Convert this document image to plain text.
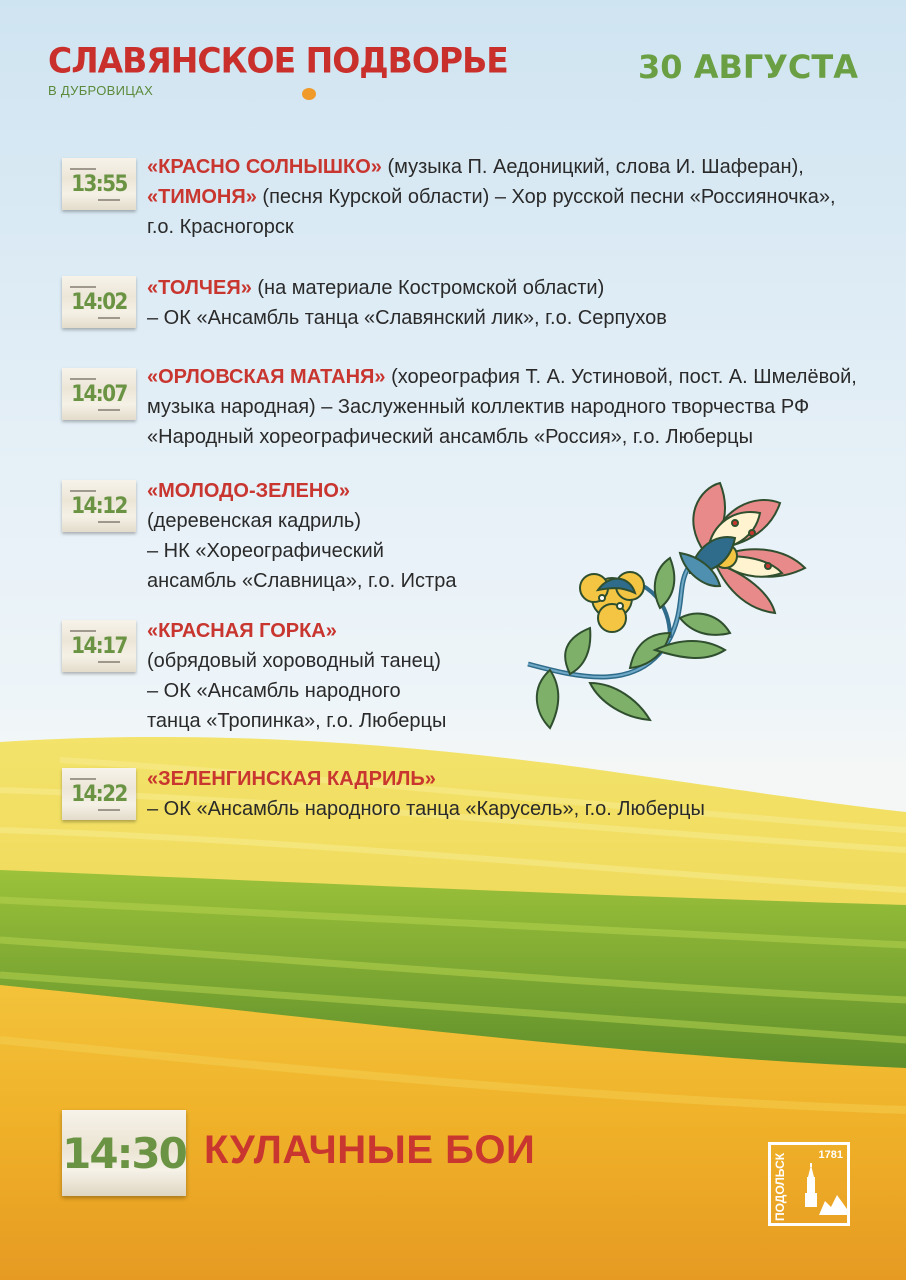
СЛАВЯНСКОЕ ПОДВОРЬЕ
В ДУБРОВИЦАХ
30 АВГУСТА
13:55

«КРАСНО СОЛНЫШКО» (музыка П. Аедоницкий, слова И. Шаферан),

«ТИМОНЯ» (песня Курской области) – Хор русской песни «Россияночка»,

г.о. Красногорск

14:02

«ТОЛЧЕЯ» (на материале Костромской области)

– ОК «Ансамбль танца «Славянский лик», г.о. Серпухов

14:07

«ОРЛОВСКАЯ МАТАНЯ» (хореография Т. А. Устиновой, пост. А. Шмелёвой,

музыка народная) – Заслуженный коллектив народного творчества РФ

«Народный хореографический ансамбль «Россия», г.о. Люберцы

14:12

«МОЛОДО-ЗЕЛЕНО»

(деревенская кадриль)

– НК «Хореографический

ансамбль «Славница», г.о. Истра

14:17

«КРАСНАЯ ГОРКА»

(обрядовый хороводный танец)

– ОК «Ансамбль народного

танца «Тропинка», г.о. Люберцы

14:22

«ЗЕЛЕНГИНСКАЯ КАДРИЛЬ»

– ОК «Ансамбль народного танца «Карусель», г.о. Люберцы

14:30 КУЛАЧНЫЕ БОИ
ПОДОЛЬСК	1781
